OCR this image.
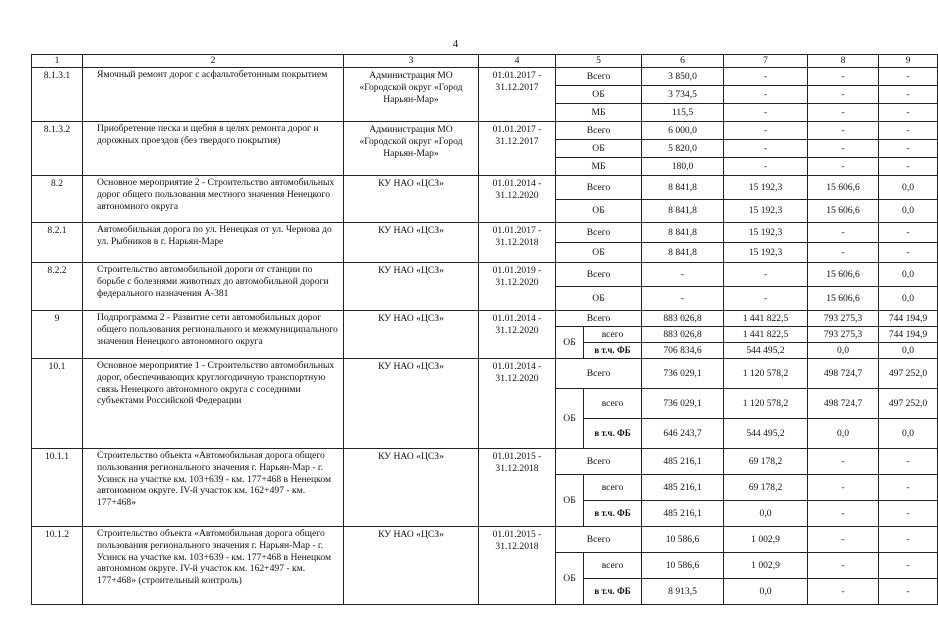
4
1	2	3	4	5		6	7	8	9
8.1.3.1	Ямочный ремонт дорог с асфальтобетонным покрытием	Администрация МО «Городской округ «Город Нарьян-Мар»	01.01.2017 - 31.12.2017	Всего		3 850,0	-	-	-
				ОБ		3 734,5	-	-	-
				МБ		115,5	-	-	-
8.1.3.2	Приобретение песка и щебня в целях ремонта дорог и дорожных проездов (без твердого покрытия)	Администрация МО «Городской округ «Город Нарьян-Мар»	01.01.2017 - 31.12.2017	Всего		6 000,0	-	-	-
				ОБ		5 820,0	-	-	-
				МБ		180,0	-	-	-
8.2	Основное мероприятие 2 - Строительство автомобильных дорог общего пользования местного значения Ненецкого автономного округа	КУ НАО «ЦСЗ»	01.01.2014 - 31.12.2020	Всего		8 841,8	15 192,3	15 606,6	0,0
				ОБ		8 841,8	15 192,3	15 606,6	0,0
8.2.1	Автомобильная дорога по ул. Ненецкая от ул. Чернова до ул. Рыбников в г. Нарьян-Маре	КУ НАО «ЦСЗ»	01.01.2017 - 31.12.2018	Всего		8 841,8	15 192,3	-	-
				ОБ		8 841,8	15 192,3	-	-
8.2.2	Строительство автомобильной дороги от станции по борьбе с болезнями животных до автомобильной дороги федерального назначения А-381	КУ НАО «ЦСЗ»	01.01.2019 - 31.12.2020	Всего		-	-	15 606,6	0,0
				ОБ		-	-	15 606,6	0,0
9	Подпрограмма 2 - Развитие сети автомобильных дорог общего пользования регионального и межмуниципального значения Ненецкого автономного округа	КУ НАО «ЦСЗ»	01.01.2014 - 31.12.2020	Всего		883 026,8	1 441 822,5	793 275,3	744 194,9
				ОБ	всего	883 026,8	1 441 822,5	793 275,3	744 194,9
					в т.ч. ФБ	706 834,6	544 495,2	0,0	0,0
10.1	Основное мероприятие 1 - Строительство автомобильных дорог, обеспечивающих круглогодичную транспортную связь Ненецкого автономного округа с соседними субъектами Российской Федерации	КУ НАО «ЦСЗ»	01.01.2014 - 31.12.2020	Всего		736 029,1	1 120 578,2	498 724,7	497 252,0
				ОБ	всего	736 029,1	1 120 578,2	498 724,7	497 252,0
					в т.ч. ФБ	646 243,7	544 495,2	0,0	0,0
10.1.1	Строительство объекта «Автомобильная дорога общего пользования регионального значения г. Нарьян-Мар - г. Усинск на участке км. 103+639 - км. 177+468 в Ненецком автономном округе. IV-й участок км. 162+497 - км. 177+468»	КУ НАО «ЦСЗ»	01.01.2015 - 31.12.2018	Всего		485 216,1	69 178,2	-	-
				ОБ	всего	485 216,1	69 178,2	-	-
					в т.ч. ФБ	485 216,1	0,0	-	-
10.1.2	Строительство объекта «Автомобильная дорога общего пользования регионального значения г. Нарьян-Мар - г. Усинск на участке км. 103+639 - км. 177+468 в Ненецком автономном округе. IV-й участок км. 162+497 - км. 177+468» (строительный контроль)	КУ НАО «ЦСЗ»	01.01.2015 - 31.12.2018	Всего		10 586,6	1 002,9	-	-
				ОБ	всего	10 586,6	1 002,9	-	-
					в т.ч. ФБ	8 913,5	0,0	-	-
